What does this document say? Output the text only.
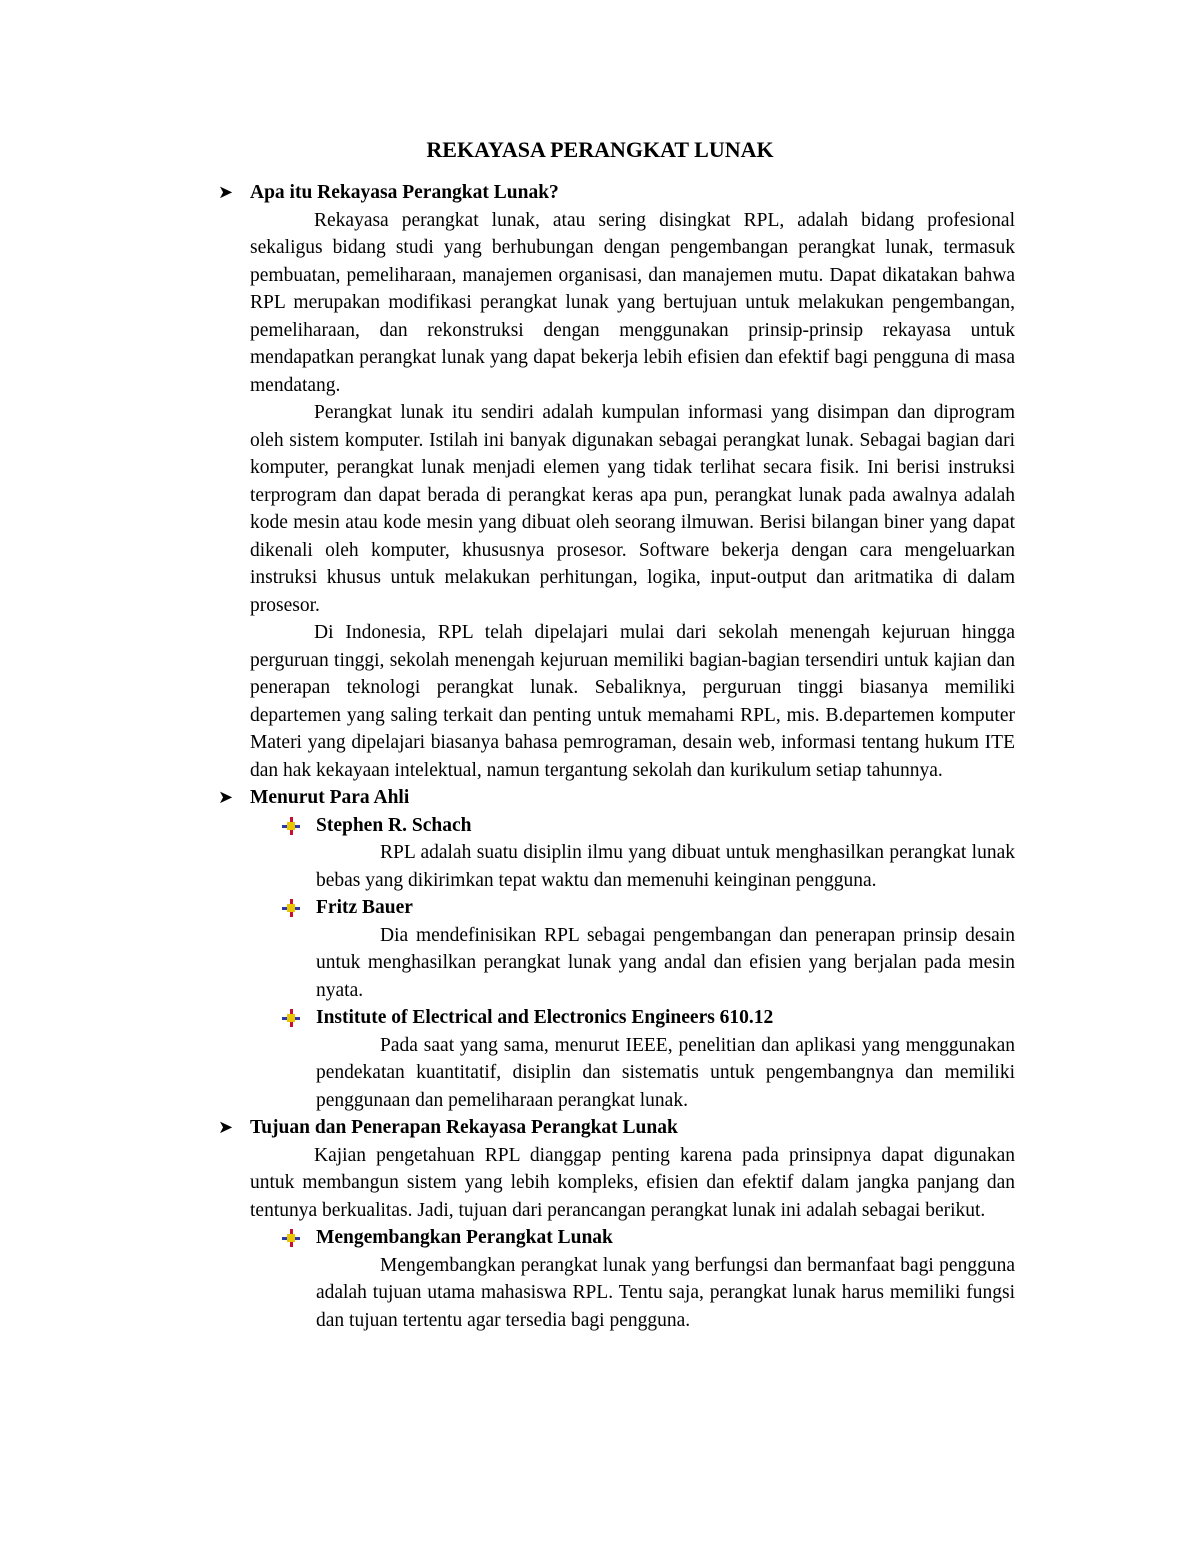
REKAYASA PERANGKAT LUNAK
➤ Apa itu Rekayasa Perangkat Lunak?

Rekayasa perangkat lunak, atau sering disingkat RPL, adalah bidang profesional sekaligus bidang studi yang berhubungan dengan pengembangan perangkat lunak, termasuk pembuatan, pemeliharaan, manajemen organisasi, dan manajemen mutu. Dapat dikatakan bahwa RPL merupakan modifikasi perangkat lunak yang bertujuan untuk melakukan pengembangan, pemeliharaan, dan rekonstruksi dengan menggunakan prinsip-prinsip rekayasa untuk mendapatkan perangkat lunak yang dapat bekerja lebih efisien dan efektif bagi pengguna di masa mendatang.

Perangkat lunak itu sendiri adalah kumpulan informasi yang disimpan dan diprogram oleh sistem komputer. Istilah ini banyak digunakan sebagai perangkat lunak. Sebagai bagian dari komputer, perangkat lunak menjadi elemen yang tidak terlihat secara fisik. Ini berisi instruksi terprogram dan dapat berada di perangkat keras apa pun, perangkat lunak pada awalnya adalah kode mesin atau kode mesin yang dibuat oleh seorang ilmuwan. Berisi bilangan biner yang dapat dikenali oleh komputer, khususnya prosesor. Software bekerja dengan cara mengeluarkan instruksi khusus untuk melakukan perhitungan, logika, input-output dan aritmatika di dalam prosesor.

Di Indonesia, RPL telah dipelajari mulai dari sekolah menengah kejuruan hingga perguruan tinggi, sekolah menengah kejuruan memiliki bagian-bagian tersendiri untuk kajian dan penerapan teknologi perangkat lunak. Sebaliknya, perguruan tinggi biasanya memiliki departemen yang saling terkait dan penting untuk memahami RPL, mis. B.departemen komputer Materi yang dipelajari biasanya bahasa pemrograman, desain web, informasi tentang hukum ITE dan hak kekayaan intelektual, namun tergantung sekolah dan kurikulum setiap tahunnya.

➤ Menurut Para Ahli
Stephen R. Schach

RPL adalah suatu disiplin ilmu yang dibuat untuk menghasilkan perangkat lunak bebas yang dikirimkan tepat waktu dan memenuhi keinginan pengguna.

Fritz Bauer

Dia mendefinisikan RPL sebagai pengembangan dan penerapan prinsip desain untuk menghasilkan perangkat lunak yang andal dan efisien yang berjalan pada mesin nyata.

Institute of Electrical and Electronics Engineers 610.12

Pada saat yang sama, menurut IEEE, penelitian dan aplikasi yang menggunakan pendekatan kuantitatif, disiplin dan sistematis untuk pengembangnya dan memiliki penggunaan dan pemeliharaan perangkat lunak.

➤ Tujuan dan Penerapan Rekayasa Perangkat Lunak

Kajian pengetahuan RPL dianggap penting karena pada prinsipnya dapat digunakan untuk membangun sistem yang lebih kompleks, efisien dan efektif dalam jangka panjang dan tentunya berkualitas. Jadi, tujuan dari perancangan perangkat lunak ini adalah sebagai berikut.

Mengembangkan Perangkat Lunak

Mengembangkan perangkat lunak yang berfungsi dan bermanfaat bagi pengguna adalah tujuan utama mahasiswa RPL. Tentu saja, perangkat lunak harus memiliki fungsi dan tujuan tertentu agar tersedia bagi pengguna.
